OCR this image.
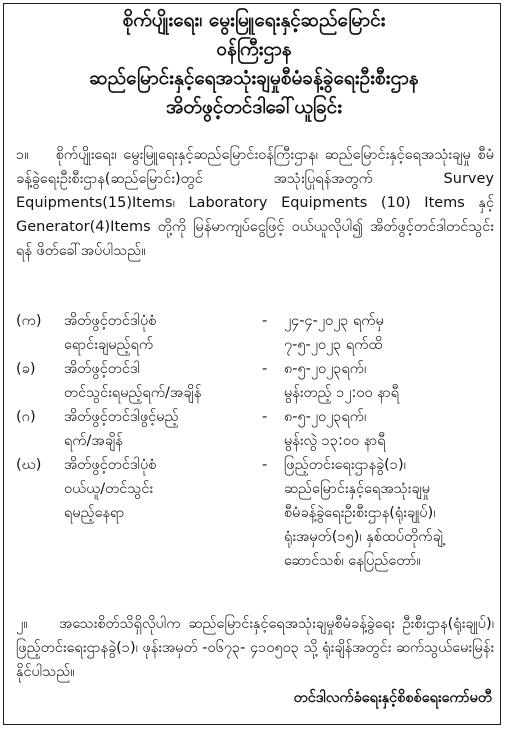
စိုက်ပျိုးရေး၊ မွေးမြူရေးနှင့်ဆည်မြောင်း
ဝန်ကြီးဌာန
ဆည်မြောင်းနှင့်ရေအသုံးချမှုစီမံခန့်ခွဲရေးဦးစီးဌာန
အိတ်ဖွင့်တင်ဒါခေါ်ယူခြင်း
၁။ စိုက်ပျိုးရေး၊ မွေးမြူရေးနှင့်ဆည်မြောင်းဝန်ကြီးဌာန၊ ဆည်မြောင်းနှင့်ရေအသုံးချမှု စီမံခန့်ခွဲရေးဦးစီးဌာန(ဆည်မြောင်း)တွင် အသုံးပြုရန်အတွက် Survey Equipments(15)Items၊ Laboratory Equipments (10) Items နှင့် Generator(4)Items တို့ကို မြန်မာကျပ်ငွေဖြင့် ဝယ်ယူလိုပါ၍ အိတ်ဖွင့်တင်ဒါတင်သွင်းရန် ဖိတ်ခေါ်အပ်ပါသည်။
(က) အိတ်ဖွင့်တင်ဒါပုံစံ
ရောင်းချမည့်ရက်
- ၂၄-၄-၂၀၂၃ ရက်မှ
၇-၅-၂၀၂၃ ရက်ထိ
(ခ) အိတ်ဖွင့်တင်ဒါ
တင်သွင်းရမည့်ရက်/အချိန်
- ၈-၅-၂၀၂၃ရက်၊
မွန်းတည့် ၁၂:၀၀ နာရီ
(ဂ) အိတ်ဖွင့်တင်ဒါဖွင့်မည့်
ရက်/အချိန်
- ၈-၅-၂၀၂၃ရက်၊
မွန်းလွဲ ၁၃:၀၀ နာရီ
(ဃ) အိတ်ဖွင့်တင်ဒါပုံစံ
ဝယ်ယူ/တင်သွင်း
ရမည့်နေရာ
- ဖြည့်တင်းရေးဌာနခွဲ(၁)၊
ဆည်မြောင်းနှင့်ရေအသုံးချမှု
စီမံခန့်ခွဲရေးဦးစီးဌာန(ရုံးချုပ်)၊
ရုံးအမှတ်(၁၅)၊ နှစ်ထပ်တိုက်ချဲ့
ဆောင်သစ်၊ နေပြည်တော်။
၂။ အသေးစိတ်သိရှိလိုပါက ဆည်မြောင်းနှင့်ရေအသုံးချမှုစီမံခန့်ခွဲရေး ဦးစီးဌာန(ရုံးချုပ်)၊ ဖြည့်တင်းရေးဌာနခွဲ(၁)၊ ဖုန်းအမှတ် -၀၆၇၃- ၄၁၀၅၀၃ သို့ ရုံးချိန်အတွင်း ဆက်သွယ်မေးမြန်းနိုင်ပါသည်။
တင်ဒါလက်ခံရေးနှင့်စိစစ်ရေးကော်မတီ
